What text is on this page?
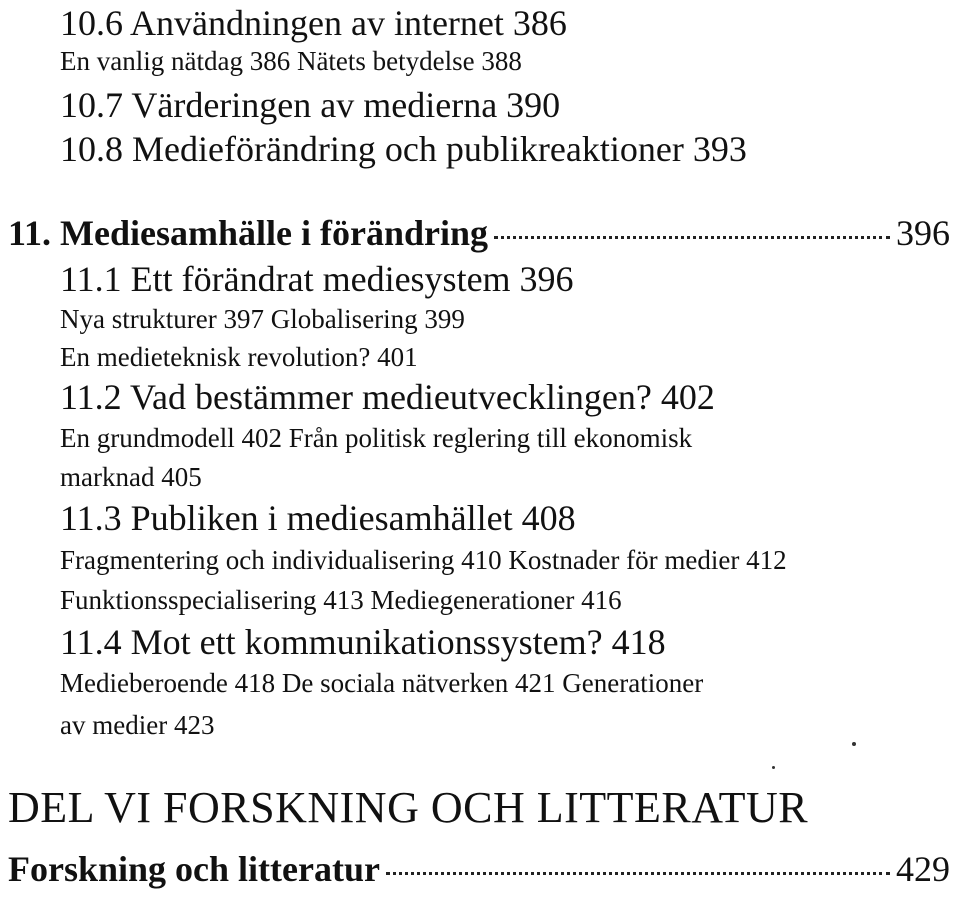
10.6 Användningen av internet 386
En vanlig nätdag 386 Nätets betydelse 388
10.7 Värderingen av medierna 390
10.8 Medieförändring och publikreaktioner 393
11. Mediesamhälle i förändring	396
11.1 Ett förändrat mediesystem 396
Nya strukturer 397 Globalisering 399
En medieteknisk revolution? 401
11.2 Vad bestämmer medieutvecklingen? 402
En grundmodell 402 Från politisk reglering till ekonomisk
marknad 405
11.3 Publiken i mediesamhället 408
Fragmentering och individualisering 410 Kostnader för medier 412
Funktionsspecialisering 413 Mediegenerationer 416
11.4 Mot ett kommunikationssystem? 418
Medieberoende 418 De sociala nätverken 421 Generationer
av medier 423
DEL VI FORSKNING OCH LITTERATUR
Forskning och litteratur	429
